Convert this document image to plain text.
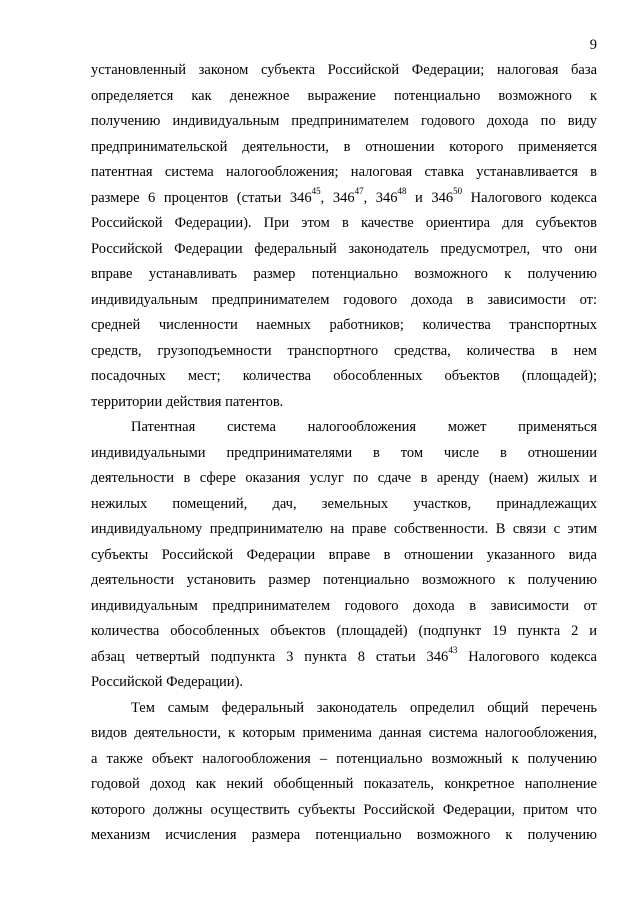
9
установленный законом субъекта Российской Федерации; налоговая база
определяется как денежное выражение потенциально возможного к
получению индивидуальным предпринимателем годового дохода по виду
предпринимательской деятельности, в отношении которого применяется
патентная система налогообложения; налоговая ставка устанавливается в
размере 6 процентов (статьи $346^{45}$, $346^{47}$, $346^{48}$ и $346^{50}$ Налогового кодекса
Российской Федерации). При этом в качестве ориентира для субъектов
Российской Федерации федеральный законодатель предусмотрел, что они
вправе устанавливать размер потенциально возможного к получению
индивидуальным предпринимателем годового дохода в зависимости от:
средней численности наемных работников; количества транспортных
средств, грузоподъемности транспортного средства, количества в нем
посадочных мест; количества обособленных объектов (площадей);
территории действия патентов.
Патентная система налогообложения может применяться
индивидуальными предпринимателями в том числе в отношении
деятельности в сфере оказания услуг по сдаче в аренду (наем) жилых и
нежилых помещений, дач, земельных участков, принадлежащих
индивидуальному предпринимателю на праве собственности. В связи с этим
субъекты Российской Федерации вправе в отношении указанного вида
деятельности установить размер потенциально возможного к получению
индивидуальным предпринимателем годового дохода в зависимости от
количества обособленных объектов (площадей) (подпункт 19 пункта 2 и
абзац четвертый подпункта 3 пункта 8 статьи $346^{43}$ Налогового кодекса
Российской Федерации).
Тем самым федеральный законодатель определил общий перечень
видов деятельности, к которым применима данная система налогообложения,
а также объект налогообложения – потенциально возможный к получению
годовой доход как некий обобщенный показатель, конкретное наполнение
которого должны осуществить субъекты Российской Федерации, притом что
механизм исчисления размера потенциально возможного к получению
